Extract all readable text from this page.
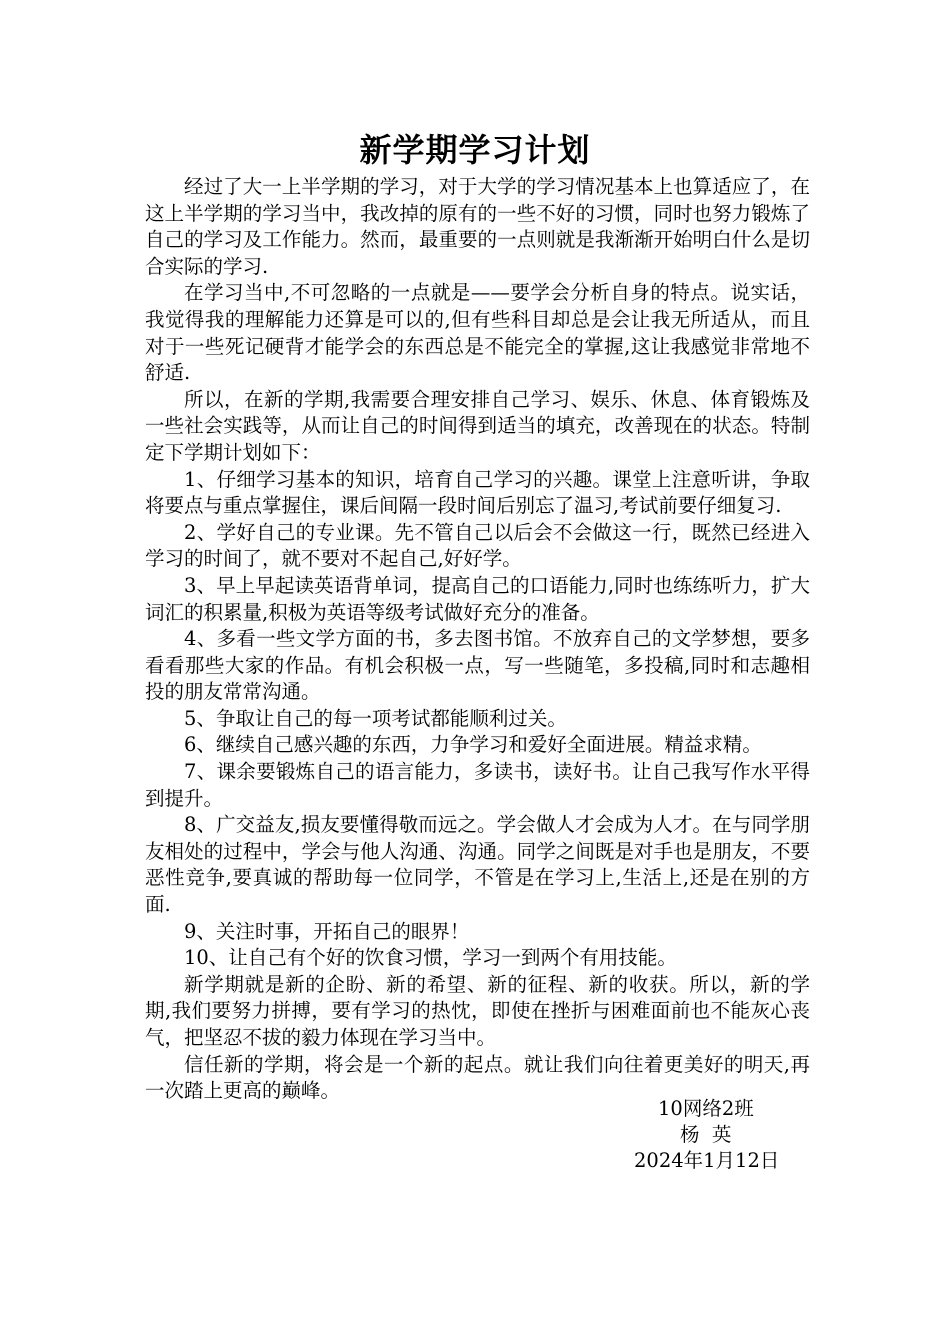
新学期学习计划

经过了大一上半学期的学习，对于大学的学习情况基本上也算适应了，在这上半学期的学习当中，我改掉的原有的一些不好的习惯，同时也努力锻炼了自己的学习及工作能力。然而，最重要的一点则就是我渐渐开始明白什么是切合实际的学习.

在学习当中,不可忽略的一点就是——要学会分析自身的特点。说实话，我觉得我的理解能力还算是可以的,但有些科目却总是会让我无所适从，而且对于一些死记硬背才能学会的东西总是不能完全的掌握,这让我感觉非常地不舒适.

所以，在新的学期,我需要合理安排自己学习、娱乐、休息、体育锻炼及一些社会实践等，从而让自己的时间得到适当的填充，改善现在的状态。特制定下学期计划如下：

1、仔细学习基本的知识，培育自己学习的兴趣。课堂上注意听讲，争取将要点与重点掌握住，课后间隔一段时间后别忘了温习,考试前要仔细复习.

2、学好自己的专业课。先不管自己以后会不会做这一行，既然已经进入学习的时间了，就不要对不起自己,好好学。

3、早上早起读英语背单词，提高自己的口语能力,同时也练练听力，扩大词汇的积累量,积极为英语等级考试做好充分的准备。

4、多看一些文学方面的书，多去图书馆。不放弃自己的文学梦想，要多看看那些大家的作品。有机会积极一点，写一些随笔，多投稿,同时和志趣相投的朋友常常沟通。

5、争取让自己的每一项考试都能顺利过关。

6、继续自己感兴趣的东西，力争学习和爱好全面进展。精益求精。

7、课余要锻炼自己的语言能力，多读书，读好书。让自己我写作水平得到提升。

8、广交益友,损友要懂得敬而远之。学会做人才会成为人才。在与同学朋友相处的过程中，学会与他人沟通、沟通。同学之间既是对手也是朋友，不要恶性竞争,要真诚的帮助每一位同学，不管是在学习上,生活上,还是在别的方面.

9、关注时事，开拓自己的眼界！

10、让自己有个好的饮食习惯，学习一到两个有用技能。

新学期就是新的企盼、新的希望、新的征程、新的收获。所以，新的学期,我们要努力拼搏，要有学习的热忱，即使在挫折与困难面前也不能灰心丧气，把坚忍不拔的毅力体现在学习当中。

信任新的学期，将会是一个新的起点。就让我们向往着更美好的明天,再一次踏上更高的巅峰。

10网络2班
杨  英
2024年1月12日
